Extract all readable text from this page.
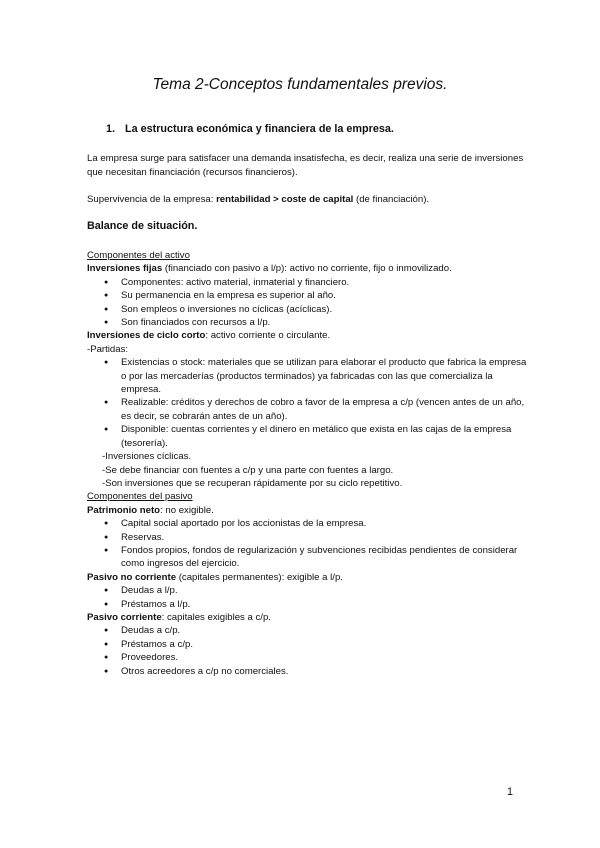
Tema 2-Conceptos fundamentales previos.
1. La estructura económica y financiera de la empresa.
La empresa surge para satisfacer una demanda insatisfecha, es decir, realiza una serie de inversiones que necesitan financiación (recursos financieros).
Supervivencia de la empresa: rentabilidad > coste de capital (de financiación).
Balance de situación.
Componentes del activo
Inversiones fijas (financiado con pasivo a l/p): activo no corriente, fijo o inmovilizado.
● Componentes: activo material, inmaterial y financiero.
● Su permanencia en la empresa es superior al año.
● Son empleos o inversiones no cíclicas (acíclicas).
● Son financiados con recursos a l/p.
Inversiones de ciclo corto: activo corriente o circulante.
-Partidas:
● Existencias o stock: materiales que se utilizan para elaborar el producto que fabrica la empresa o por las mercaderías (productos terminados) ya fabricadas con las que comercializa la empresa.
● Realizable: créditos y derechos de cobro a favor de la empresa a c/p (vencen antes de un año, es decir, se cobrarán antes de un año).
● Disponible: cuentas corrientes y el dinero en metálico que exista en las cajas de la empresa (tesorería).
-Inversiones cíclicas.
-Se debe financiar con fuentes a c/p y una parte con fuentes a largo.
-Son inversiones que se recuperan rápidamente por su ciclo repetitivo.
Componentes del pasivo
Patrimonio neto: no exigible.
● Capital social aportado por los accionistas de la empresa.
● Reservas.
● Fondos propios, fondos de regularización y subvenciones recibidas pendientes de considerar como ingresos del ejercicio.
Pasivo no corriente (capitales permanentes): exigible a l/p.
● Deudas a l/p.
● Préstamos a l/p.
Pasivo corriente: capitales exigibles a c/p.
● Deudas a c/p.
● Préstamos a c/p.
● Proveedores.
● Otros acreedores a c/p no comerciales.
1
